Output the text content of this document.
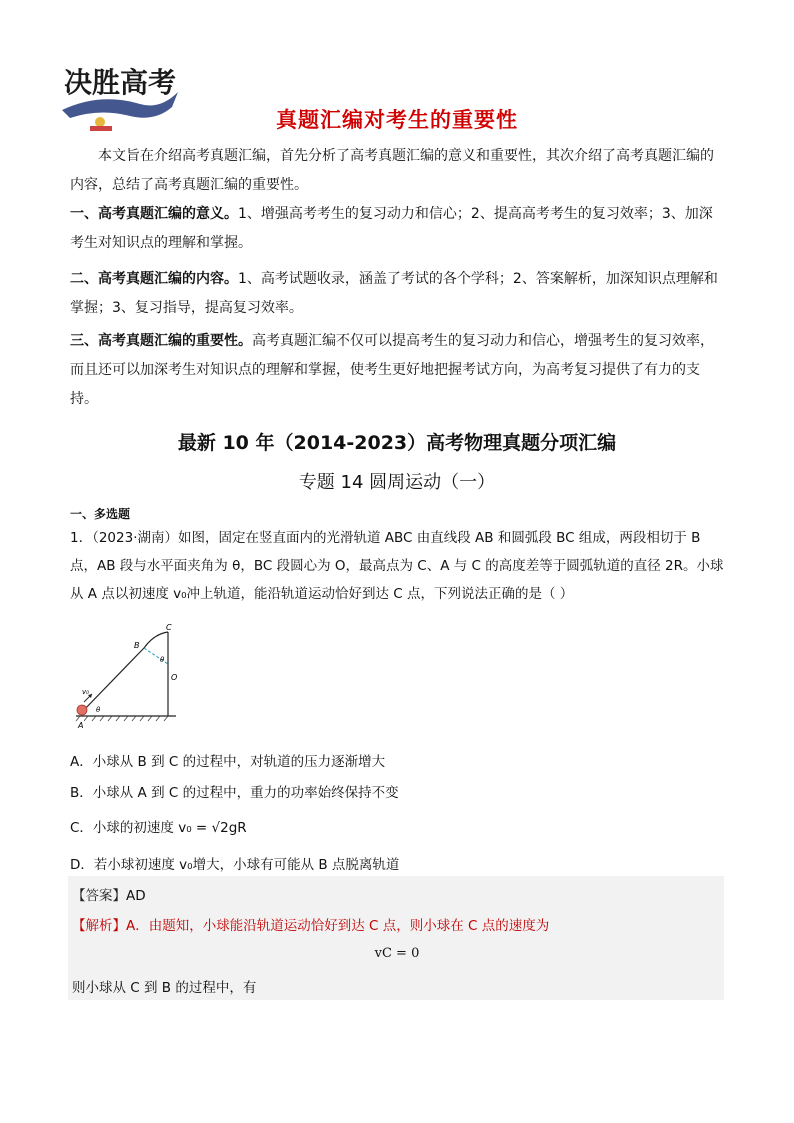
决胜高考
真题汇编对考生的重要性
本文旨在介绍高考真题汇编，首先分析了高考真题汇编的意义和重要性，其次介绍了高考真题汇编的内容，总结了高考真题汇编的重要性。
一、高考真题汇编的意义。1、增强高考考生的复习动力和信心；2、提高高考考生的复习效率；3、加深考生对知识点的理解和掌握。
二、高考真题汇编的内容。1、高考试题收录，涵盖了考试的各个学科；2、答案解析，加深知识点理解和掌握；3、复习指导，提高复习效率。
三、高考真题汇编的重要性。高考真题汇编不仅可以提高考生的复习动力和信心，增强考生的复习效率，而且还可以加深考生对知识点的理解和掌握，使考生更好地把握考试方向，为高考复习提供了有力的支持。
最新 10 年（2014-2023）高考物理真题分项汇编
专题 14 圆周运动（一）
一、多选题
1．（2023·湖南）如图，固定在竖直面内的光滑轨道 ABC 由直线段 AB 和圆弧段 BC 组成，两段相切于 B 点，AB 段与水平面夹角为 θ，BC 段圆心为 O，最高点为 C、A 与 C 的高度差等于圆弧轨道的直径 2R。小球从 A 点以初速度 v₀冲上轨道，能沿轨道运动恰好到达 C 点，下列说法正确的是（ ）
A
B
C
O
θ
θ
v₀
A．小球从 B 到 C 的过程中，对轨道的压力逐渐增大
B．小球从 A 到 C 的过程中，重力的功率始终保持不变
C．小球的初速度 v₀ = √2gR
D．若小球初速度 v₀增大，小球有可能从 B 点脱离轨道
【答案】AD
【解析】A．由题知，小球能沿轨道运动恰好到达 C 点，则小球在 C 点的速度为
vC = 0
则小球从 C 到 B 的过程中，有
